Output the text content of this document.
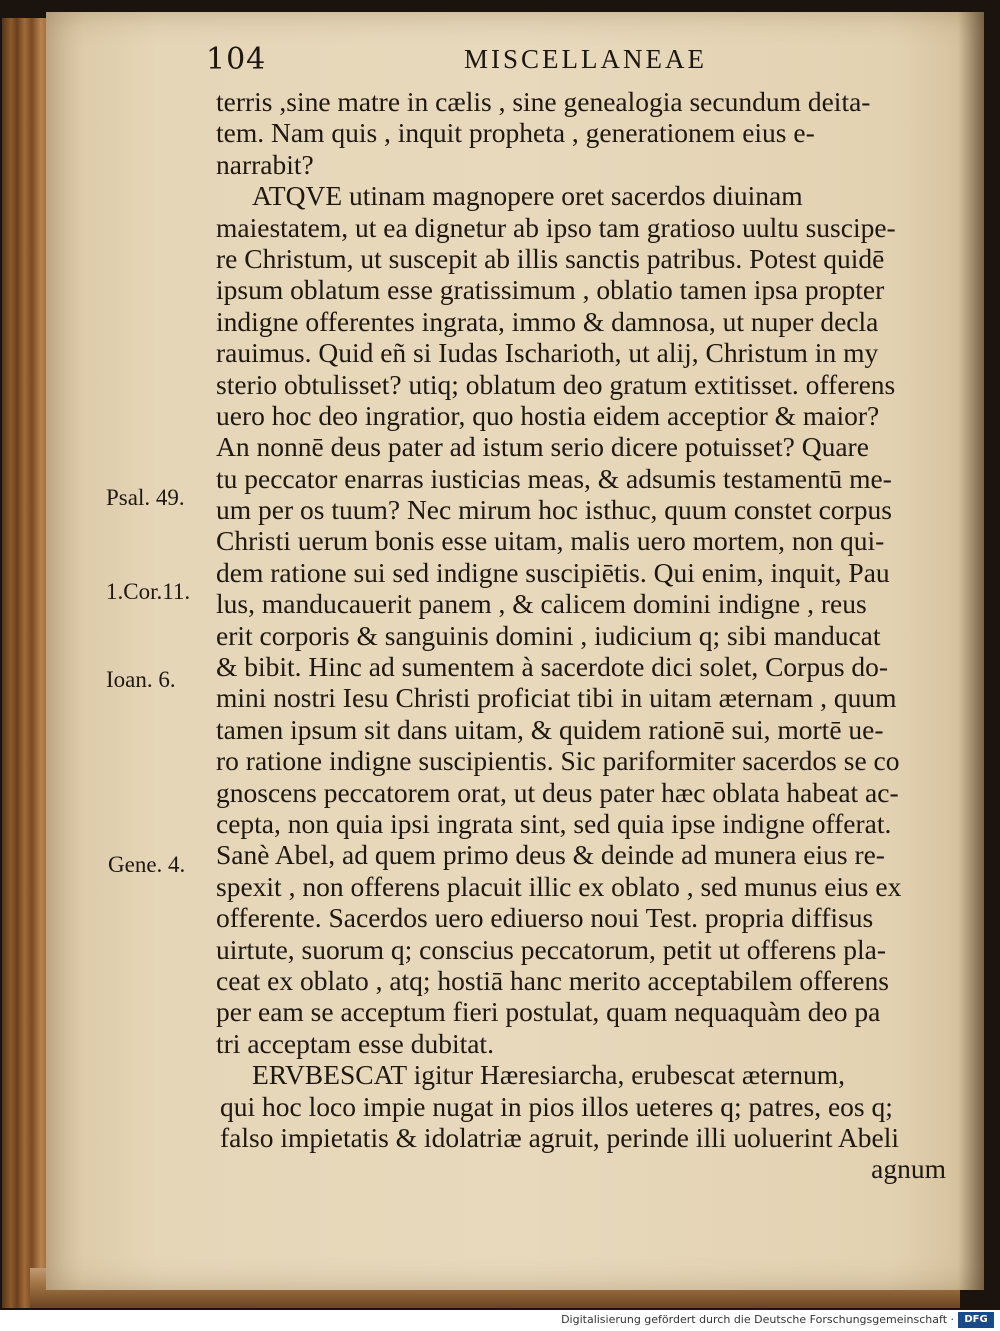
104	MISCELLANEAE
terris ,sine matre in cælis , sine genealogia secundum deita-
tem. Nam quis , inquit propheta , generationem eius e-
narrabit?
ATQVE utinam magnopere oret sacerdos diuinam
maiestatem, ut ea dignetur ab ipso tam gratioso uultu suscipe-
re Christum, ut suscepit ab illis sanctis patribus. Potest quidē
ipsum oblatum esse gratissimum , oblatio tamen ipsa propter
indigne offerentes ingrata, immo & damnosa, ut nuper decla
rauimus. Quid eñ si Iudas Ischarioth, ut alij, Christum in my
sterio obtulisset? utiq; oblatum deo gratum extitisset. offerens
uero hoc deo ingratior, quo hostia eidem acceptior & maior?
An nonnē deus pater ad istum serio dicere potuisset? Quare
tu peccator enarras iusticias meas, & adsumis testamentū me-
um per os tuum? Nec mirum hoc isthuc, quum constet corpus
Christi uerum bonis esse uitam, malis uero mortem, non qui-
dem ratione sui sed indigne suscipiētis. Qui enim, inquit, Pau
lus, manducauerit panem , & calicem domini indigne , reus
erit corporis & sanguinis domini , iudicium q; sibi manducat
& bibit. Hinc ad sumentem à sacerdote dici solet, Corpus do-
mini nostri Iesu Christi proficiat tibi in uitam æternam , quum
tamen ipsum sit dans uitam, & quidem rationē sui, mortē ue-
ro ratione indigne suscipientis. Sic pariformiter sacerdos se co
gnoscens peccatorem orat, ut deus pater hæc oblata habeat ac-
cepta, non quia ipsi ingrata sint, sed quia ipse indigne offerat.
Sanè Abel, ad quem primo deus & deinde ad munera eius re-
spexit , non offerens placuit illic ex oblato , sed munus eius ex
offerente. Sacerdos uero ediuerso noui Test. propria diffisus
uirtute, suorum q; conscius peccatorum, petit ut offerens pla-
ceat ex oblato , atq; hostiā hanc merito acceptabilem offerens
per eam se acceptum fieri postulat, quam nequaquàm deo pa
tri acceptam esse dubitat.
ERVBESCAT igitur Hæresiarcha, erubescat æternum,
qui hoc loco impie nugat in pios illos ueteres q; patres, eos q;
falso impietatis & idolatriæ agruit, perinde illi uoluerint Abeli
agnum
Psal. 49.
1.Cor.11.
Ioan. 6.
Gene. 4.
Digitalisierung gefördert durch die Deutsche Forschungsgemeinschaft ·	DFG
